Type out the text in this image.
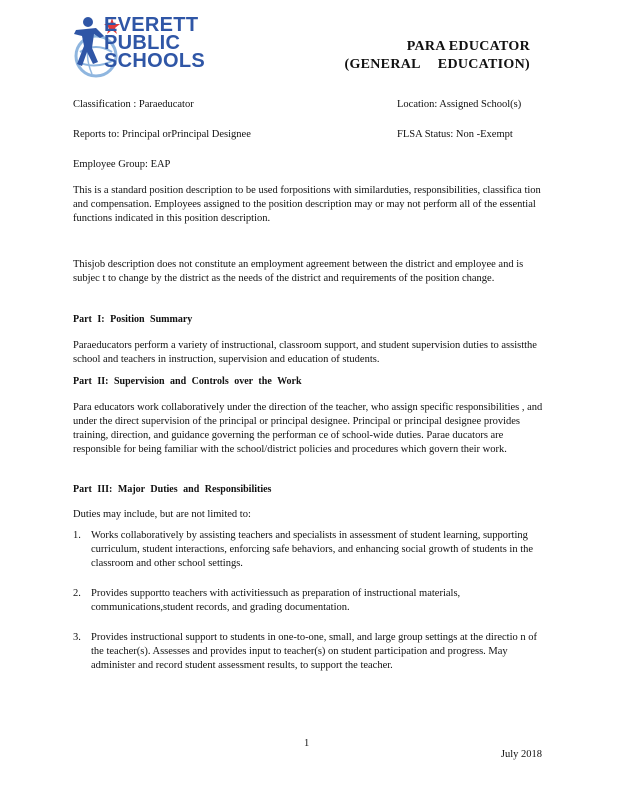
EVERETT
PUBLIC
SCHOOLS
PARA EDUCATOR
(GENERAL EDUCATION)
Classification : Paraeducator	Location: Assigned School(s)
Reports to: Principal orPrincipal Designee	FLSA Status: Non -Exempt
Employee Group: EAP
This is a standard position description to be used forpositions with similarduties, responsibilities, classifica tion and compensation. Employees assigned to the position description may or may not perform all of the essential functions indicated in this position description.
Thisjob description does not constitute an employment agreement between the district and employee and is subjec t to change by the district as the needs of the district and requirements of the position change.
Part I: Position Summary
Paraeducators perform a variety of instructional, classroom support, and student supervision duties to assistthe school and teachers in instruction, supervision and education of students.
Part II: Supervision and Controls over the Work
Para educators work collaboratively under the direction of the teacher, who assign specific responsibilities , and under the direct supervision of the principal or principal designee. Principal or principal designee provides training, direction, and guidance governing the performan ce of school-wide duties. Parae ducators are responsible for being familiar with the school/district policies and procedures which govern their work.
Part III: Major Duties and Responsibilities
Duties may include, but are not limited to:
1. Works collaboratively by assisting teachers and specialists in assessment of student learning, supporting curriculum, student interactions, enforcing safe behaviors, and enhancing social growth of students in the classroom and other school settings.
2. Provides supportto teachers with activitiessuch as preparation of instructional materials, communications,student records, and grading documentation.
3. Provides instructional support to students in one-to-one, small, and large group settings at the directio n of the teacher(s). Assesses and provides input to teacher(s) on student participation and progress. May administer and record student assessment results, to support the teacher.
1
July 2018
